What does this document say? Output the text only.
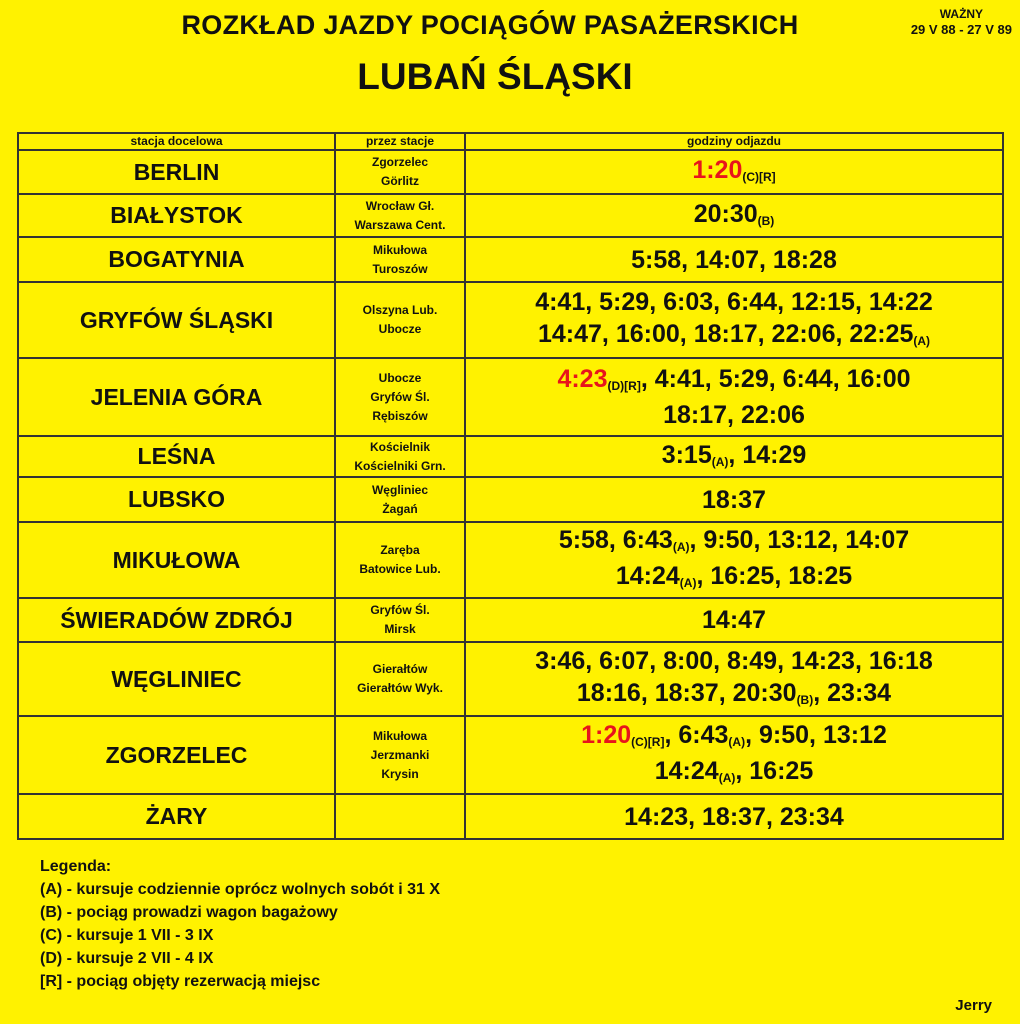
ROZKŁAD JAZDY POCIĄGÓW PASAŻERSKICH
LUBAŃ ŚLĄSKI
WAŻNY
29 V 88 - 27 V 89
stacja docelowa	przez stacje	godziny odjazdu
BERLIN	Zgorzelec
Görlitz	$1:20_{(C)[R]}$

BIAŁYSTOK	Wrocław Gł.
Warszawa Cent.	$20:30_{(B)}$

BOGATYNIA	Mikułowa
Turoszów	5:58 , 14:07 , 18:28

GRYFÓW ŚLĄSKI	Olszyna Lub.
Ubocze	4:41 , 5:29 , 6:03 , 6:44 , 12:15 , 14:22
14:47 , 16:00 , 18:17 , 22:06 , $22:25_{(A)}$

JELENIA GÓRA	Ubocze
Gryfów Śl.
Rębiszów	$4:23_{(D)[R]}$ , 4:41 , 5:29 , 6:44 , 16:00
18:17 , 22:06

LEŚNA	Kościelnik
Kościelniki Grn.	$3:15_{(A)}$ , 14:29

LUBSKO	Węgliniec
Żagań	18:37

MIKUŁOWA	Zaręba
Batowice Lub.	5:58 , $6:43_{(A)}$ , 9:50 , 13:12 , 14:07
$14:24_{(A)}$ , 16:25 , 18:25

ŚWIERADÓW ZDRÓJ	Gryfów Śl.
Mirsk	14:47

WĘGLINIEC	Gierałtów
Gierałtów Wyk.	3:46 , 6:07 , 8:00 , 8:49 , 14:23 , 16:18
18:16 , 18:37 , $20:30_{(B)}$ , 23:34

ZGORZELEC	Mikułowa
Jerzmanki
Krysin	$1:20_{(C)[R]}$ , $6:43_{(A)}$ , 9:50 , 13:12
$14:24_{(A)}$ , 16:25

ŻARY		14:23 , 18:37 , 23:34
Legenda:
(A) - kursuje codziennie oprócz wolnych sobót i 31 X
(B) - pociąg prowadzi wagon bagażowy
(C) - kursuje 1 VII - 3 IX
(D) - kursuje 2 VII - 4 IX
[R] - pociąg objęty rezerwacją miejsc
Jerry
